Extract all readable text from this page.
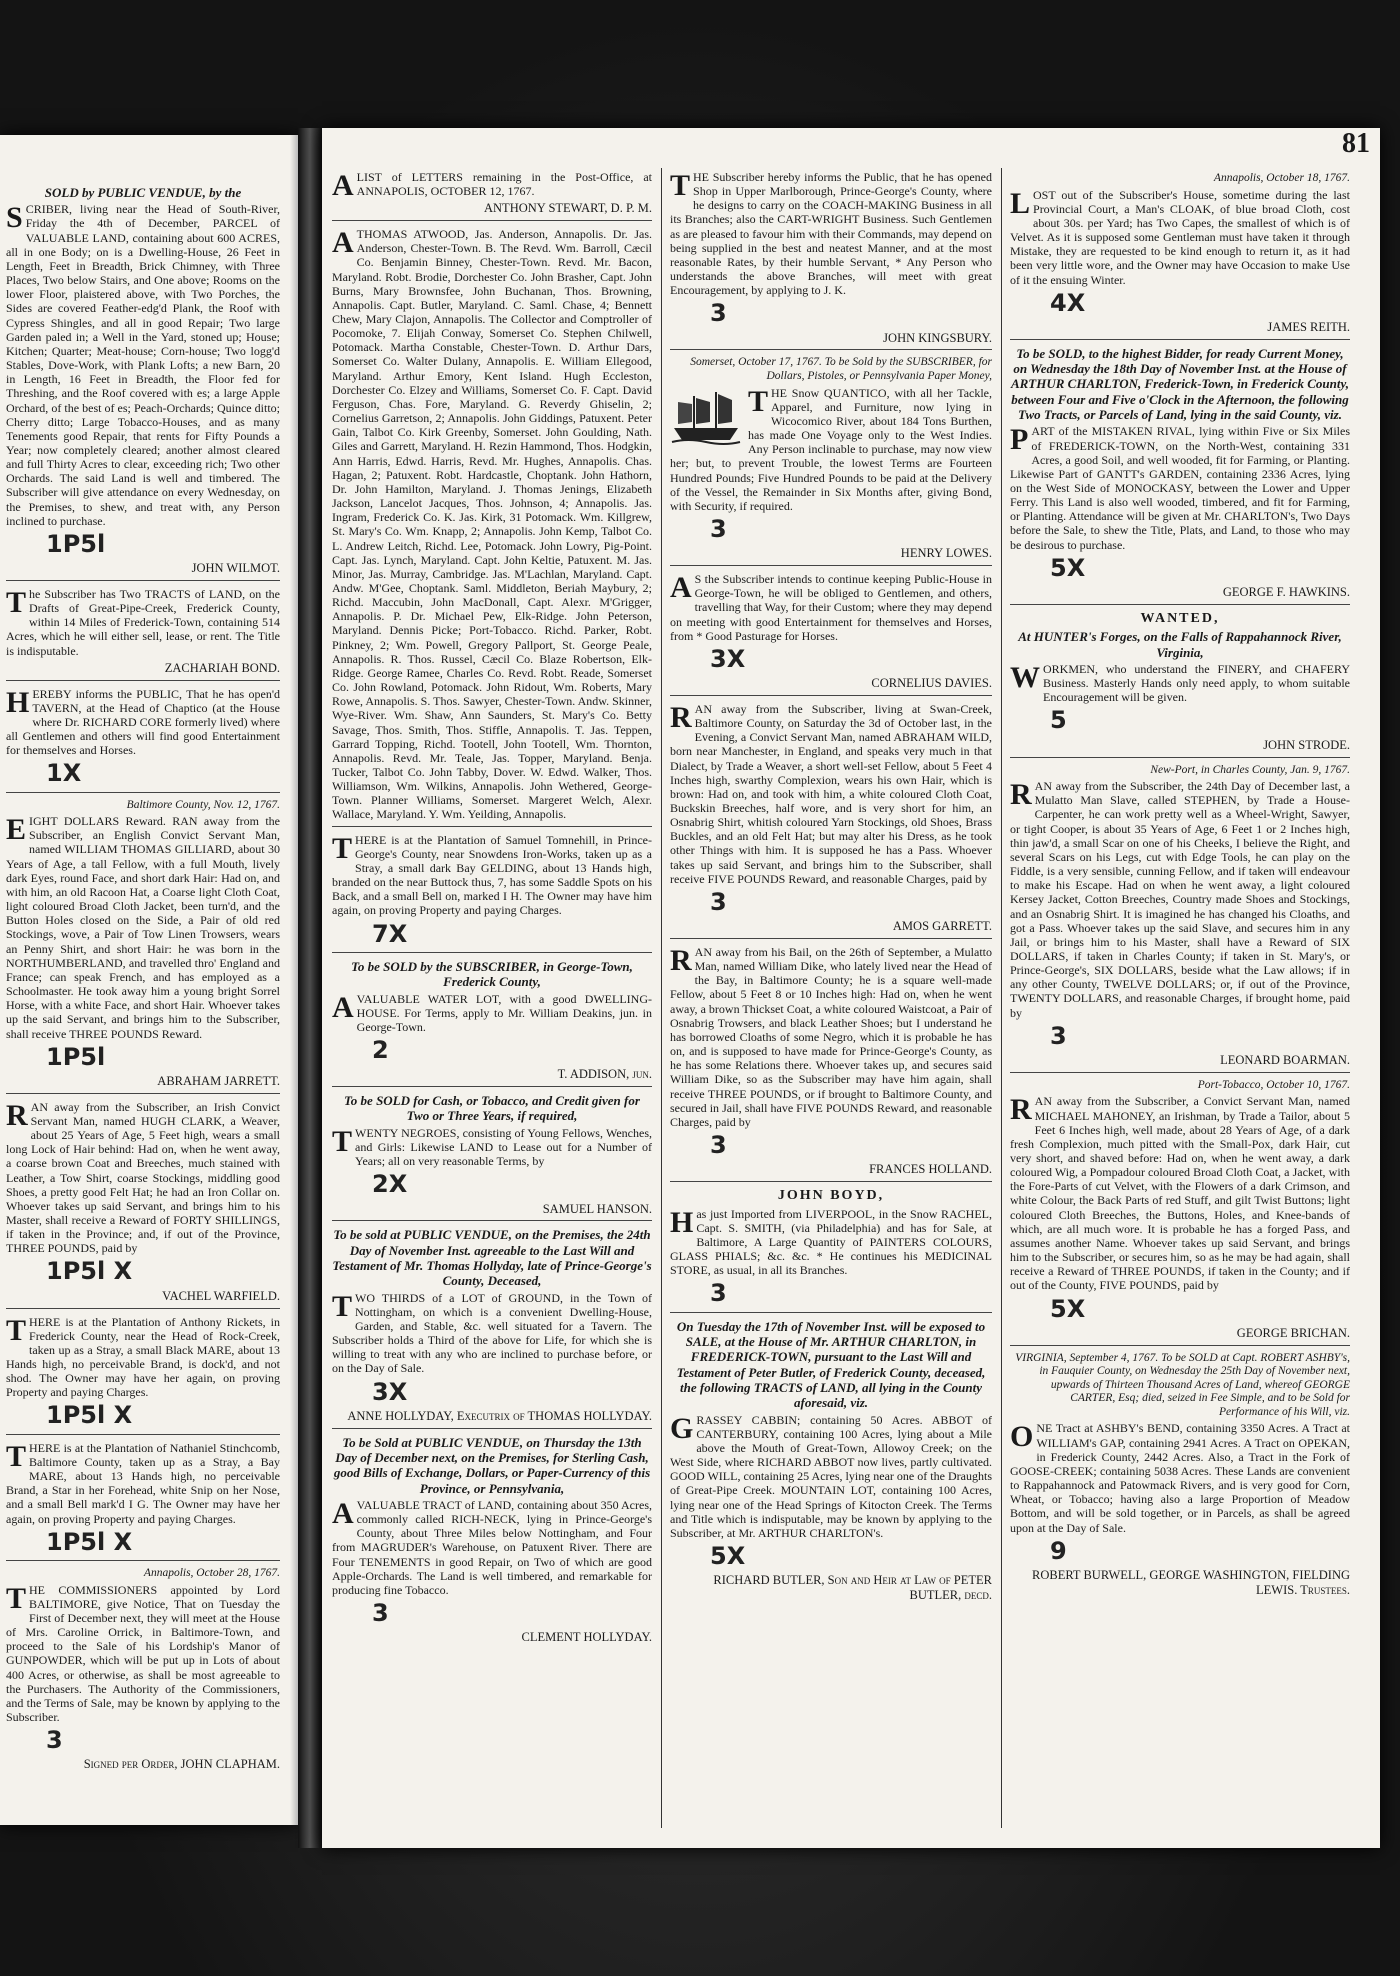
SOLD by PUBLIC VENDUE, by the

SCRIBER, living near the Head of South-River, Friday the 4th of December, PARCEL of VALUABLE LAND, containing about 600 ACRES, all in one Body; on is a Dwelling-House, 26 Feet in Length, Feet in Breadth, Brick Chimney, with Three Places, Two below Stairs, and One above; Rooms on the lower Floor, plaistered above, with Two Porches, the Sides are covered Feather-edg'd Plank, the Roof with Cypress Shingles, and all in good Repair; Two large Garden paled in; a Well in the Yard, stoned up; House; Kitchen; Quarter; Meat-house; Corn-house; Two logg'd Stables, Dove-Work, with Plank Lofts; a new Barn, 20 in Length, 16 Feet in Breadth, the Floor fed for Threshing, and the Roof covered with es; a large Apple Orchard, of the best of es; Peach-Orchards; Quince ditto; Cherry ditto; Large Tobacco-Houses, and as many Tenements good Repair, that rents for Fifty Pounds a Year; now completely cleared; another almost cleared and full Thirty Acres to clear, exceeding rich; Two other Orchards. The said Land is well and timbered. The Subscriber will give attendance on every Wednesday, on the Premises, to shew, and treat with, any Person inclined to purchase.

1P5l
JOHN WILMOT.

The Subscriber has Two TRACTS of LAND, on the Drafts of Great-Pipe-Creek, Frederick County, within 14 Miles of Frederick-Town, containing 514 Acres, which he will either sell, lease, or rent. The Title is indisputable.

ZACHARIAH BOND.

HEREBY informs the PUBLIC, That he has open'd TAVERN, at the Head of Chaptico (at the House where Dr. RICHARD CORE formerly lived) where all Gentlemen and others will find good Entertainment for themselves and Horses.

1X
Baltimore County, Nov. 12, 1767.

EIGHT DOLLARS Reward. RAN away from the Subscriber, an English Convict Servant Man, named WILLIAM THOMAS GILLIARD, about 30 Years of Age, a tall Fellow, with a full Mouth, lively dark Eyes, round Face, and short dark Hair: Had on, and with him, an old Racoon Hat, a Coarse light Cloth Coat, light coloured Broad Cloth Jacket, been turn'd, and the Button Holes closed on the Side, a Pair of old red Stockings, wove, a Pair of Tow Linen Trowsers, wears an Penny Shirt, and short Hair: he was born in the NORTHUMBERLAND, and travelled thro' England and France; can speak French, and has employed as a Schoolmaster. He took away him a young bright Sorrel Horse, with a white Face, and short Hair. Whoever takes up the said Servant, and brings him to the Subscriber, shall receive THREE POUNDS Reward.

1P5l
ABRAHAM JARRETT.

RAN away from the Subscriber, an Irish Convict Servant Man, named HUGH CLARK, a Weaver, about 25 Years of Age, 5 Feet high, wears a small long Lock of Hair behind: Had on, when he went away, a coarse brown Coat and Breeches, much stained with Leather, a Tow Shirt, coarse Stockings, middling good Shoes, a pretty good Felt Hat; he had an Iron Collar on. Whoever takes up said Servant, and brings him to his Master, shall receive a Reward of FORTY SHILLINGS, if taken in the Province; and, if out of the Province, THREE POUNDS, paid by

1P5l X
VACHEL WARFIELD.

THERE is at the Plantation of Anthony Rickets, in Frederick County, near the Head of Rock-Creek, taken up as a Stray, a small Black MARE, about 13 Hands high, no perceivable Brand, is dock'd, and not shod. The Owner may have her again, on proving Property and paying Charges.

1P5l X

THERE is at the Plantation of Nathaniel Stinchcomb, Baltimore County, taken up as a Stray, a Bay MARE, about 13 Hands high, no perceivable Brand, a Star in her Forehead, white Snip on her Nose, and a small Bell mark'd I G. The Owner may have her again, on proving Property and paying Charges.

1P5l X
Annapolis, October 28, 1767.

THE COMMISSIONERS appointed by Lord BALTIMORE, give Notice, That on Tuesday the First of December next, they will meet at the House of Mrs. Caroline Orrick, in Baltimore-Town, and proceed to the Sale of his Lordship's Manor of GUNPOWDER, which will be put up in Lots of about 400 Acres, or otherwise, as shall be most agreeable to the Purchasers. The Authority of the Commissioners, and the Terms of Sale, may be known by applying to the Subscriber.

3
Signed per Order, JOHN CLAPHAM.
81

ALIST of LETTERS remaining in the Post-Office, at ANNAPOLIS, OCTOBER 12, 1767.

ANTHONY STEWART, D. P. M.

ATHOMAS ATWOOD, Jas. Anderson, Annapolis. Dr. Jas. Anderson, Chester-Town. B. The Revd. Wm. Barroll, Cæcil Co. Benjamin Binney, Chester-Town. Revd. Mr. Bacon, Maryland. Robt. Brodie, Dorchester Co. John Brasher, Capt. John Burns, Mary Brownsfee, John Buchanan, Thos. Browning, Annapolis. Capt. Butler, Maryland. C. Saml. Chase, 4; Bennett Chew, Mary Clajon, Annapolis. The Collector and Comptroller of Pocomoke, 7. Elijah Conway, Somerset Co. Stephen Chilwell, Potomack. Martha Constable, Chester-Town. D. Arthur Dars, Somerset Co. Walter Dulany, Annapolis. E. William Ellegood, Maryland. Arthur Emory, Kent Island. Hugh Eccleston, Dorchester Co. Elzey and Williams, Somerset Co. F. Capt. David Ferguson, Chas. Fore, Maryland. G. Reverdy Ghiselin, 2; Cornelius Garretson, 2; Annapolis. John Giddings, Patuxent. Peter Gain, Talbot Co. Kirk Greenby, Somerset. John Goulding, Nath. Giles and Garrett, Maryland. H. Rezin Hammond, Thos. Hodgkin, Ann Harris, Edwd. Harris, Revd. Mr. Hughes, Annapolis. Chas. Hagan, 2; Patuxent. Robt. Hardcastle, Choptank. John Hathorn, Dr. John Hamilton, Maryland. J. Thomas Jenings, Elizabeth Jackson, Lancelot Jacques, Thos. Johnson, 4; Annapolis. Jas. Ingram, Frederick Co. K. Jas. Kirk, 31 Potomack. Wm. Killgrew, St. Mary's Co. Wm. Knapp, 2; Annapolis. John Kemp, Talbot Co. L. Andrew Leitch, Richd. Lee, Potomack. John Lowry, Pig-Point. Capt. Jas. Lynch, Maryland. Capt. John Keltie, Patuxent. M. Jas. Minor, Jas. Murray, Cambridge. Jas. M'Lachlan, Maryland. Capt. Andw. M'Gee, Choptank. Saml. Middleton, Beriah Maybury, 2; Richd. Maccubin, John MacDonall, Capt. Alexr. M'Grigger, Annapolis. P. Dr. Michael Pew, Elk-Ridge. John Peterson, Maryland. Dennis Picke; Port-Tobacco. Richd. Parker, Robt. Pinkney, 2; Wm. Powell, Gregory Pallport, St. George Peale, Annapolis. R. Thos. Russel, Cæcil Co. Blaze Robertson, Elk-Ridge. George Ramee, Charles Co. Revd. Robt. Reade, Somerset Co. John Rowland, Potomack. John Ridout, Wm. Roberts, Mary Rowe, Annapolis. S. Thos. Sawyer, Chester-Town. Andw. Skinner, Wye-River. Wm. Shaw, Ann Saunders, St. Mary's Co. Betty Savage, Thos. Smith, Thos. Stiffle, Annapolis. T. Jas. Teppen, Garrard Topping, Richd. Tootell, John Tootell, Wm. Thornton, Annapolis. Revd. Mr. Teale, Jas. Topper, Maryland. Benja. Tucker, Talbot Co. John Tabby, Dover. W. Edwd. Walker, Thos. Williamson, Wm. Wilkins, Annapolis. John Wethered, George-Town. Planner Williams, Somerset. Margeret Welch, Alexr. Wallace, Maryland. Y. Wm. Yeilding, Annapolis.

THERE is at the Plantation of Samuel Tomnehill, in Prince-George's County, near Snowdens Iron-Works, taken up as a Stray, a small dark Bay GELDING, about 13 Hands high, branded on the near Buttock thus, 7, has some Saddle Spots on his Back, and a small Bell on, marked I H. The Owner may have him again, on proving Property and paying Charges.

7X
To be SOLD by the SUBSCRIBER, in George-Town, Frederick County,

AVALUABLE WATER LOT, with a good DWELLING-HOUSE. For Terms, apply to Mr. William Deakins, jun. in George-Town.

2
T. ADDISON, jun.
To be SOLD for Cash, or Tobacco, and Credit given for Two or Three Years, if required,

TWENTY NEGROES, consisting of Young Fellows, Wenches, and Girls: Likewise LAND to Lease out for a Number of Years; all on very reasonable Terms, by

2X
SAMUEL HANSON.
To be sold at PUBLIC VENDUE, on the Premises, the 24th Day of November Inst. agreeable to the Last Will and Testament of Mr. Thomas Hollyday, late of Prince-George's County, Deceased,

TWO THIRDS of a LOT of GROUND, in the Town of Nottingham, on which is a convenient Dwelling-House, Garden, and Stable, &c. well situated for a Tavern. The Subscriber holds a Third of the above for Life, for which she is willing to treat with any who are inclined to purchase before, or on the Day of Sale.

3X
ANNE HOLLYDAY, Executrix of THOMAS HOLLYDAY.
To be Sold at PUBLIC VENDUE, on Thursday the 13th Day of December next, on the Premises, for Sterling Cash, good Bills of Exchange, Dollars, or Paper-Currency of this Province, or Pennsylvania,

AVALUABLE TRACT of LAND, containing about 350 Acres, commonly called RICH-NECK, lying in Prince-George's County, about Three Miles below Nottingham, and Four from MAGRUDER's Warehouse, on Patuxent River. There are Four TENEMENTS in good Repair, on Two of which are good Apple-Orchards. The Land is well timbered, and remarkable for producing fine Tobacco.

3
CLEMENT HOLLYDAY.

THE Subscriber hereby informs the Public, that he has opened Shop in Upper Marlborough, Prince-George's County, where he designs to carry on the COACH-MAKING Business in all its Branches; also the CART-WRIGHT Business. Such Gentlemen as are pleased to favour him with their Commands, may depend on being supplied in the best and neatest Manner, and at the most reasonable Rates, by their humble Servant, * Any Person who understands the above Branches, will meet with great Encouragement, by applying to J. K.

3
JOHN KINGSBURY.
Somerset, October 17, 1767. To be Sold by the SUBSCRIBER, for Dollars, Pistoles, or Pennsylvania Paper Money,

THE Snow QUANTICO, with all her Tackle, Apparel, and Furniture, now lying in Wicocomico River, about 184 Tons Burthen, has made One Voyage only to the West Indies. Any Person inclinable to purchase, may now view her; but, to prevent Trouble, the lowest Terms are Fourteen Hundred Pounds; Five Hundred Pounds to be paid at the Delivery of the Vessel, the Remainder in Six Months after, giving Bond, with Security, if required.

3
HENRY LOWES.

AS the Subscriber intends to continue keeping Public-House in George-Town, he will be obliged to Gentlemen, and others, travelling that Way, for their Custom; where they may depend on meeting with good Entertainment for themselves and Horses, from * Good Pasturage for Horses.

3X
CORNELIUS DAVIES.

RAN away from the Subscriber, living at Swan-Creek, Baltimore County, on Saturday the 3d of October last, in the Evening, a Convict Servant Man, named ABRAHAM WILD, born near Manchester, in England, and speaks very much in that Dialect, by Trade a Weaver, a short well-set Fellow, about 5 Feet 4 Inches high, swarthy Complexion, wears his own Hair, which is brown: Had on, and took with him, a white coloured Cloth Coat, Buckskin Breeches, half wore, and is very short for him, an Osnabrig Shirt, whitish coloured Yarn Stockings, old Shoes, Brass Buckles, and an old Felt Hat; but may alter his Dress, as he took other Things with him. It is supposed he has a Pass. Whoever takes up said Servant, and brings him to the Subscriber, shall receive FIVE POUNDS Reward, and reasonable Charges, paid by

3
AMOS GARRETT.

RAN away from his Bail, on the 26th of September, a Mulatto Man, named William Dike, who lately lived near the Head of the Bay, in Baltimore County; he is a square well-made Fellow, about 5 Feet 8 or 10 Inches high: Had on, when he went away, a brown Thickset Coat, a white coloured Waistcoat, a Pair of Osnabrig Trowsers, and black Leather Shoes; but I understand he has borrowed Cloaths of some Negro, which it is probable he has on, and is supposed to have made for Prince-George's County, as he has some Relations there. Whoever takes up, and secures said William Dike, so as the Subscriber may have him again, shall receive THREE POUNDS, or if brought to Baltimore County, and secured in Jail, shall have FIVE POUNDS Reward, and reasonable Charges, paid by

3
FRANCES HOLLAND.
JOHN BOYD,

Has just Imported from LIVERPOOL, in the Snow RACHEL, Capt. S. SMITH, (via Philadelphia) and has for Sale, at Baltimore, A Large Quantity of PAINTERS COLOURS, GLASS PHIALS; &c. &c. * He continues his MEDICINAL STORE, as usual, in all its Branches.

3
On Tuesday the 17th of November Inst. will be exposed to SALE, at the House of Mr. ARTHUR CHARLTON, in FREDERICK-TOWN, pursuant to the Last Will and Testament of Peter Butler, of Frederick County, deceased, the following TRACTS of LAND, all lying in the County aforesaid, viz.

GRASSEY CABBIN; containing 50 Acres. ABBOT of CANTERBURY, containing 100 Acres, lying about a Mile above the Mouth of Great-Town, Allowoy Creek; on the West Side, where RICHARD ABBOT now lives, partly cultivated. GOOD WILL, containing 25 Acres, lying near one of the Draughts of Great-Pipe Creek. MOUNTAIN LOT, containing 100 Acres, lying near one of the Head Springs of Kitocton Creek. The Terms and Title which is indisputable, may be known by applying to the Subscriber, at Mr. ARTHUR CHARLTON's.

5X
RICHARD BUTLER, Son and Heir at Law of PETER BUTLER, decd.
Annapolis, October 18, 1767.

LOST out of the Subscriber's House, sometime during the last Provincial Court, a Man's CLOAK, of blue broad Cloth, cost about 30s. per Yard; has Two Capes, the smallest of which is of Velvet. As it is supposed some Gentleman must have taken it through Mistake, they are requested to be kind enough to return it, as it had been very little wore, and the Owner may have Occasion to make Use of it the ensuing Winter.

4X
JAMES REITH.
To be SOLD, to the highest Bidder, for ready Current Money, on Wednesday the 18th Day of November Inst. at the House of ARTHUR CHARLTON, Frederick-Town, in Frederick County, between Four and Five o'Clock in the Afternoon, the following Two Tracts, or Parcels of Land, lying in the said County, viz.

PART of the MISTAKEN RIVAL, lying within Five or Six Miles of FREDERICK-TOWN, on the North-West, containing 331 Acres, a good Soil, and well wooded, fit for Farming, or Planting. Likewise Part of GANTT's GARDEN, containing 2336 Acres, lying on the West Side of MONOCKASY, between the Lower and Upper Ferry. This Land is also well wooded, timbered, and fit for Farming, or Planting. Attendance will be given at Mr. CHARLTON's, Two Days before the Sale, to shew the Title, Plats, and Land, to those who may be desirous to purchase.

5X
GEORGE F. HAWKINS.
WANTED,
At HUNTER's Forges, on the Falls of Rappahannock River, Virginia,

WORKMEN, who understand the FINERY, and CHAFERY Business. Masterly Hands only need apply, to whom suitable Encouragement will be given.

5
JOHN STRODE.
New-Port, in Charles County, Jan. 9, 1767.

RAN away from the Subscriber, the 24th Day of December last, a Mulatto Man Slave, called STEPHEN, by Trade a House-Carpenter, he can work pretty well as a Wheel-Wright, Sawyer, or tight Cooper, is about 35 Years of Age, 6 Feet 1 or 2 Inches high, thin jaw'd, a small Scar on one of his Cheeks, I believe the Right, and several Scars on his Legs, cut with Edge Tools, he can play on the Fiddle, is a very sensible, cunning Fellow, and if taken will endeavour to make his Escape. Had on when he went away, a light coloured Kersey Jacket, Cotton Breeches, Country made Shoes and Stockings, and an Osnabrig Shirt. It is imagined he has changed his Cloaths, and got a Pass. Whoever takes up the said Slave, and secures him in any Jail, or brings him to his Master, shall have a Reward of SIX DOLLARS, if taken in Charles County; if taken in St. Mary's, or Prince-George's, SIX DOLLARS, beside what the Law allows; if in any other County, TWELVE DOLLARS; or, if out of the Province, TWENTY DOLLARS, and reasonable Charges, if brought home, paid by

3
LEONARD BOARMAN.
Port-Tobacco, October 10, 1767.

RAN away from the Subscriber, a Convict Servant Man, named MICHAEL MAHONEY, an Irishman, by Trade a Tailor, about 5 Feet 6 Inches high, well made, about 28 Years of Age, of a dark fresh Complexion, much pitted with the Small-Pox, dark Hair, cut very short, and shaved before: Had on, when he went away, a dark coloured Wig, a Pompadour coloured Broad Cloth Coat, a Jacket, with the Fore-Parts of cut Velvet, with the Flowers of a dark Crimson, and white Colour, the Back Parts of red Stuff, and gilt Twist Buttons; light coloured Cloth Breeches, the Buttons, Holes, and Knee-bands of which, are all much wore. It is probable he has a forged Pass, and assumes another Name. Whoever takes up said Servant, and brings him to the Subscriber, or secures him, so as he may be had again, shall receive a Reward of THREE POUNDS, if taken in the County; and if out of the County, FIVE POUNDS, paid by

5X
GEORGE BRICHAN.
VIRGINIA, September 4, 1767. To be SOLD at Capt. ROBERT ASHBY's, in Fauquier County, on Wednesday the 25th Day of November next, upwards of Thirteen Thousand Acres of Land, whereof GEORGE CARTER, Esq; died, seized in Fee Simple, and to be Sold for Performance of his Will, viz.

ONE Tract at ASHBY's BEND, containing 3350 Acres. A Tract at WILLIAM's GAP, containing 2941 Acres. A Tract on OPEKAN, in Frederick County, 2442 Acres. Also, a Tract in the Fork of GOOSE-CREEK; containing 5038 Acres. These Lands are convenient to Rappahannock and Patowmack Rivers, and is very good for Corn, Wheat, or Tobacco; having also a large Proportion of Meadow Bottom, and will be sold together, or in Parcels, as shall be agreed upon at the Day of Sale.

9
ROBERT BURWELL, GEORGE WASHINGTON, FIELDING LEWIS. Trustees.
